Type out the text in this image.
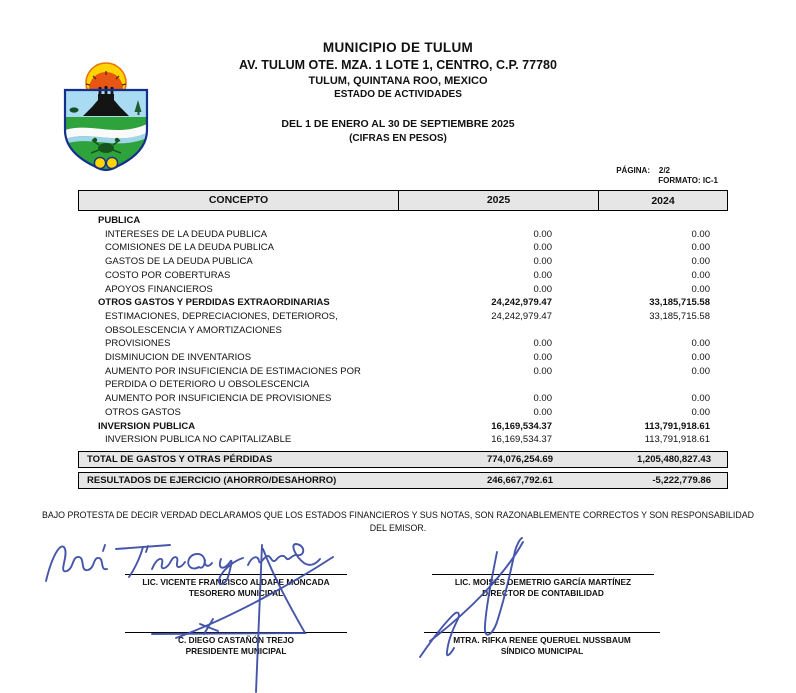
MUNICIPIO DE TULUM
AV. TULUM OTE. MZA. 1 LOTE 1, CENTRO, C.P. 77780
TULUM, QUINTANA ROO, MEXICO
ESTADO DE ACTIVIDADES
DEL 1 DE ENERO AL 30 DE SEPTIEMBRE 2025
(CIFRAS EN PESOS)
PÁGINA: 2/2
FORMATO: IC-1
CONCEPTO	2025	2024
PUBLICA
INTERESES DE LA DEUDA PUBLICA	0.00	0.00
COMISIONES DE LA DEUDA PUBLICA	0.00	0.00
GASTOS DE LA DEUDA PUBLICA	0.00	0.00
COSTO POR COBERTURAS	0.00	0.00
APOYOS FINANCIEROS	0.00	0.00
OTROS GASTOS Y PERDIDAS EXTRAORDINARIAS	24,242,979.47	33,185,715.58
ESTIMACIONES, DEPRECIACIONES, DETERIOROS,	24,242,979.47	33,185,715.58
OBSOLESCENCIA Y AMORTIZACIONES
PROVISIONES	0.00	0.00
DISMINUCION DE INVENTARIOS	0.00	0.00
AUMENTO POR INSUFICIENCIA DE ESTIMACIONES POR	0.00	0.00
PERDIDA O DETERIORO U OBSOLESCENCIA
AUMENTO POR INSUFICIENCIA DE PROVISIONES	0.00	0.00
OTROS GASTOS	0.00	0.00
INVERSION PUBLICA	16,169,534.37	113,791,918.61
INVERSION PUBLICA NO CAPITALIZABLE	16,169,534.37	113,791,918.61
TOTAL DE GASTOS Y OTRAS PÉRDIDAS	774,076,254.69	1,205,480,827.43
RESULTADOS DE EJERCICIO (AHORRO/DESAHORRO)	246,667,792.61	-5,222,779.86
BAJO PROTESTA DE DECIR VERDAD DECLARAMOS QUE LOS ESTADOS FINANCIEROS Y SUS NOTAS, SON RAZONABLEMENTE CORRECTOS Y SON RESPONSABILIDAD DEL EMISOR.
LIC. VICENTE FRANCISCO ALDAPE MONCADA
TESORERO MUNICIPAL
LIC. MOISES DEMETRIO GARCÍA MARTÍNEZ
DIRECTOR DE CONTABILIDAD
C. DIEGO CASTAÑÓN TREJO
PRESIDENTE MUNICIPAL
MTRA. RIFKA RENEE QUERUEL NUSSBAUM
SÍNDICO MUNICIPAL
